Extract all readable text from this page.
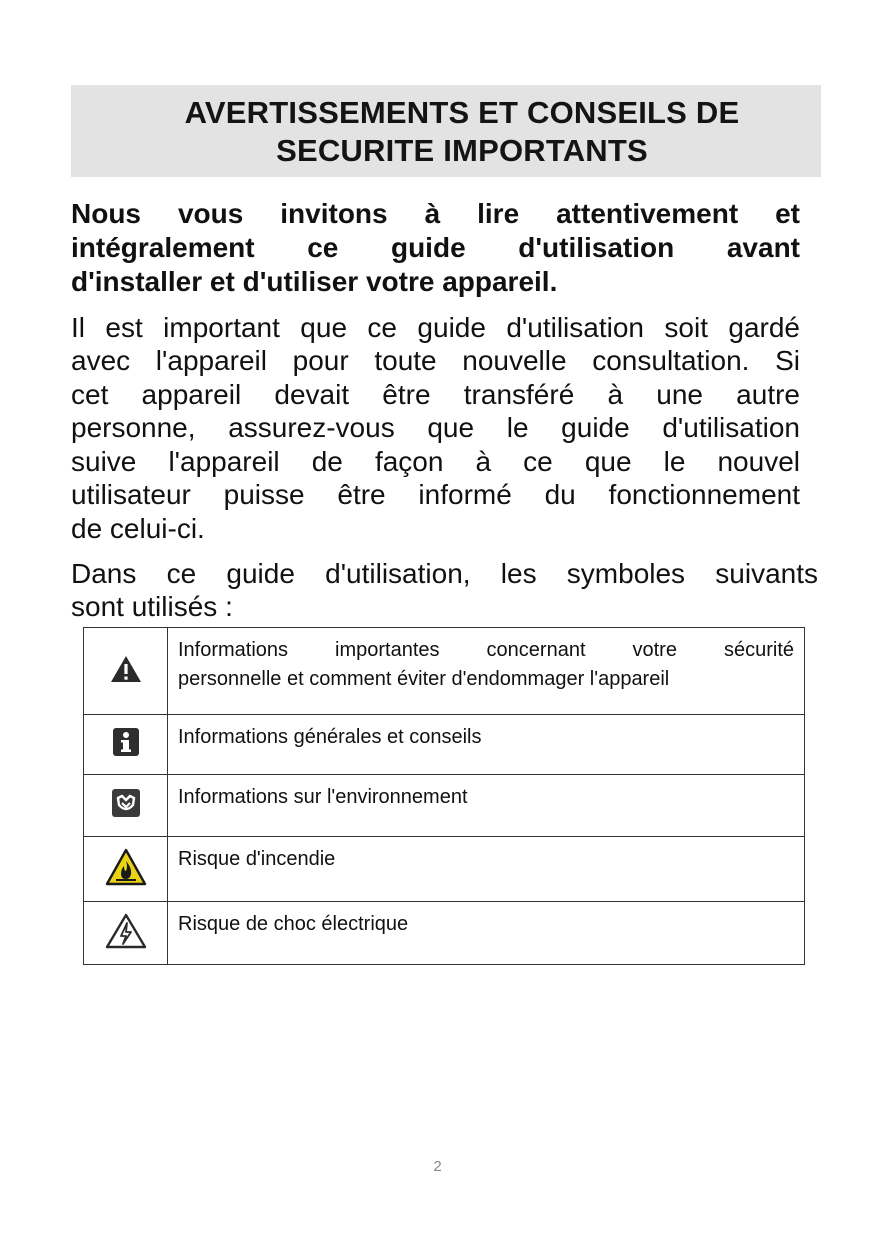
AVERTISSEMENTS ET CONSEILS DE
SECURITE IMPORTANTS
Nous vous invitons à lire attentivement et
intégralement ce guide d'utilisation avant
d'installer et d'utiliser votre appareil.
Il est important que ce guide d'utilisation soit gardé
avec l'appareil pour toute nouvelle consultation. Si
cet appareil devait être transféré à une autre
personne, assurez-vous que le guide d'utilisation
suive l'appareil de façon à ce que le nouvel
utilisateur puisse être informé du fonctionnement
de celui-ci.
Dans ce guide d'utilisation, les symboles suivants
sont utilisés :

Informations importantes concernant votre sécurité
personnelle et comment éviter d'endommager l'appareil

Informations générales et conseils

Informations sur l'environnement

Risque d'incendie

Risque de choc électrique
2
